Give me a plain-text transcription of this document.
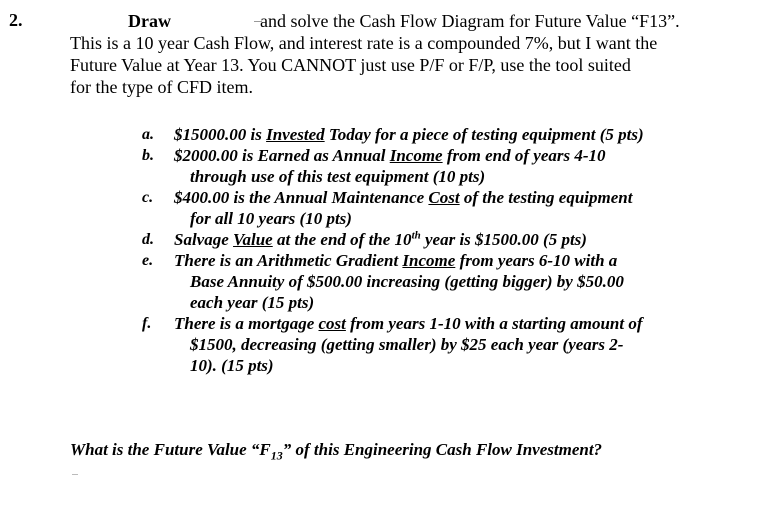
2.	Draw	and solve the Cash Flow Diagram for Future Value “F13”.
This is a 10 year Cash Flow, and interest rate is a compounded 7%, but I want the
Future Value at Year 13. You CANNOT just use P/F or F/P, use the tool suited
for the type of CFD item.
a. $15000.00 is Invested Today for a piece of testing equipment (5 pts)
b. $2000.00 is Earned as Annual Income from end of years 4-10
through use of this test equipment (10 pts)
c. $400.00 is the Annual Maintenance Cost of the testing equipment
for all 10 years (10 pts)
d. Salvage Value at the end of the 10th year is $1500.00 (5 pts)
e. There is an Arithmetic Gradient Income from years 6-10 with a
Base Annuity of $500.00 increasing (getting bigger) by $50.00
each year (15 pts)
f. There is a mortgage cost from years 1-10 with a starting amount of
$1500, decreasing (getting smaller) by $25 each year (years 2-
10). (15 pts)
What is the Future Value “$F_{13}$” of this Engineering Cash Flow Investment?
